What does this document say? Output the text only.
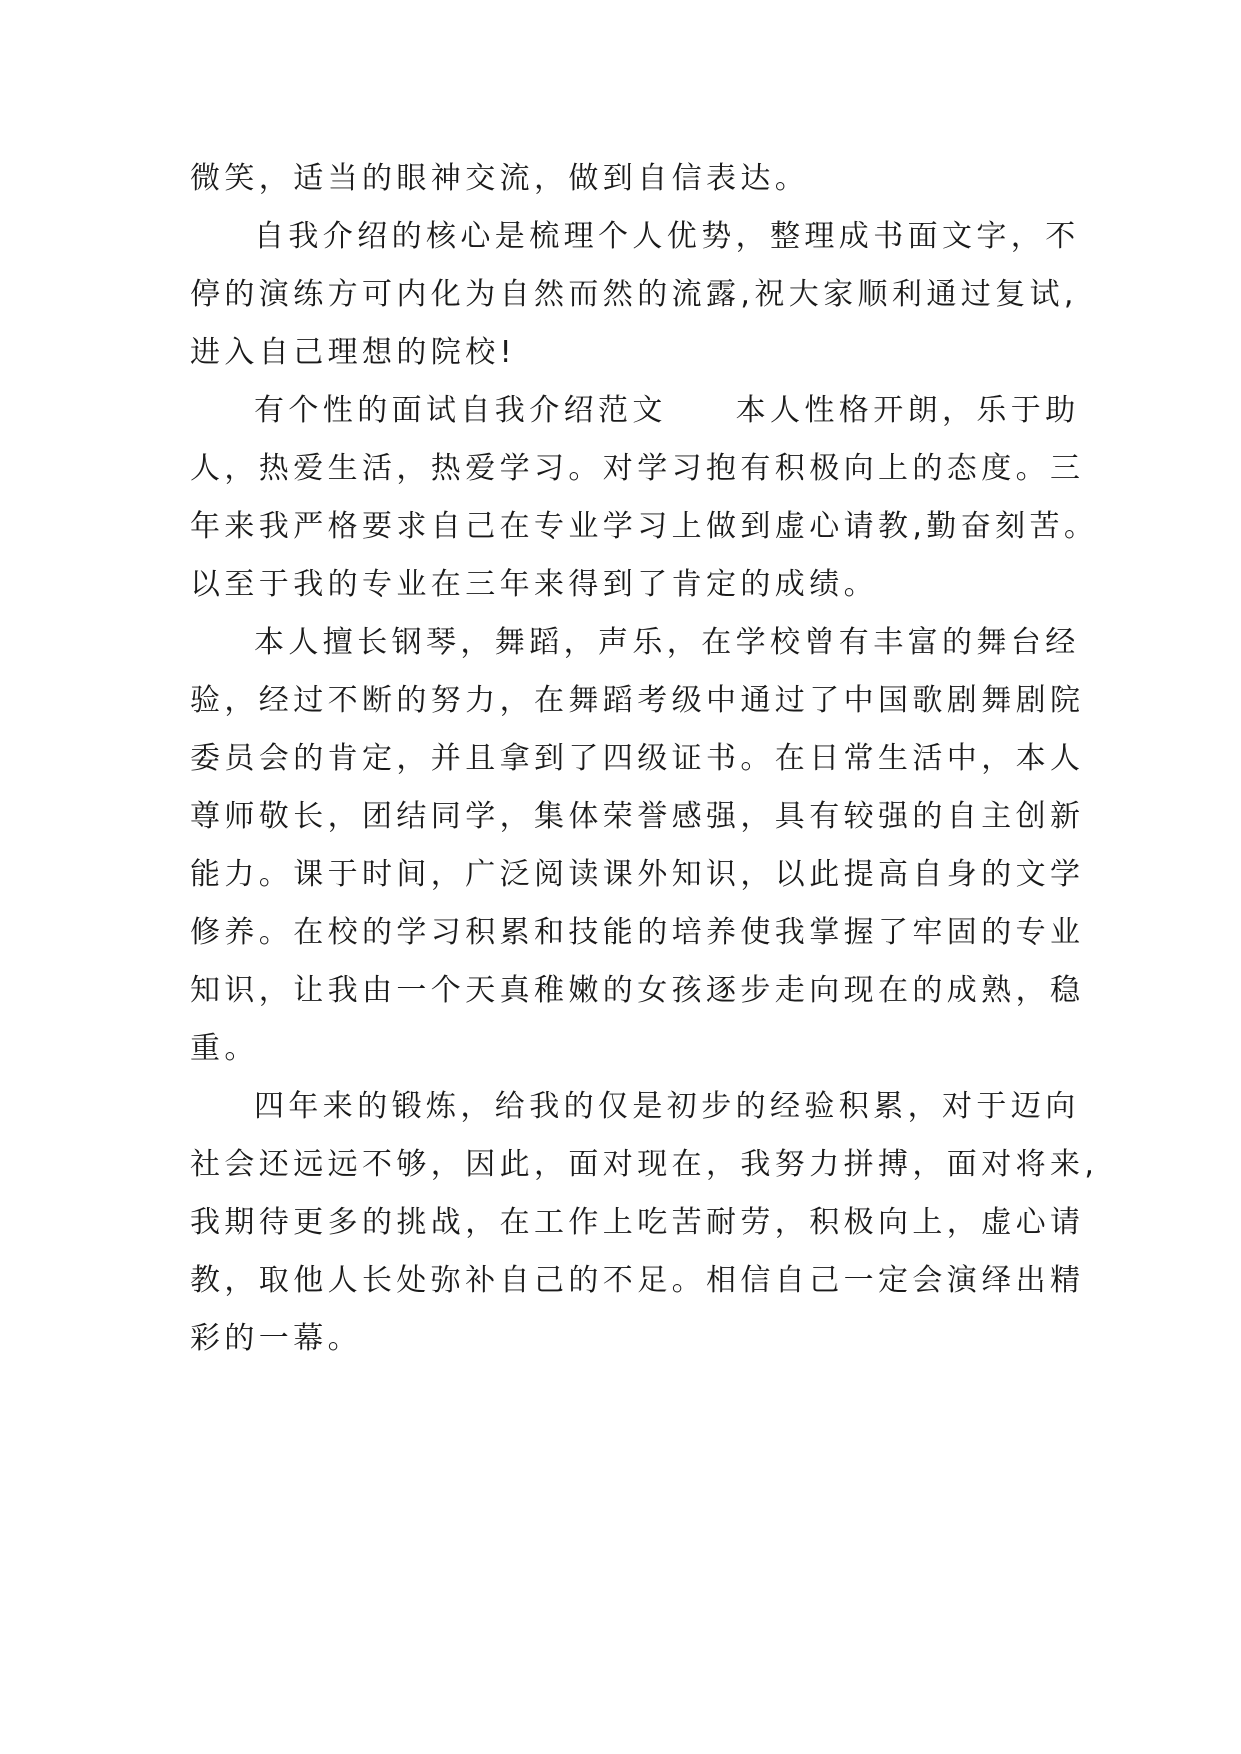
微笑，适当的眼神交流，做到自信表达。
自我介绍的核心是梳理个人优势，整理成书面文字，不
停的演练方可内化为自然而然的流露,祝大家顺利通过复试,
进入自己理想的院校!
有个性的面试自我介绍范文　　本人性格开朗，乐于助
人，热爱生活，热爱学习。对学习抱有积极向上的态度。三
年来我严格要求自己在专业学习上做到虚心请教,勤奋刻苦。
以至于我的专业在三年来得到了肯定的成绩。
本人擅长钢琴，舞蹈，声乐，在学校曾有丰富的舞台经
验，经过不断的努力，在舞蹈考级中通过了中国歌剧舞剧院
委员会的肯定，并且拿到了四级证书。在日常生活中，本人
尊师敬长，团结同学，集体荣誉感强，具有较强的自主创新
能力。课于时间，广泛阅读课外知识，以此提高自身的文学
修养。在校的学习积累和技能的培养使我掌握了牢固的专业
知识，让我由一个天真稚嫩的女孩逐步走向现在的成熟，稳
重。
四年来的锻炼，给我的仅是初步的经验积累，对于迈向
社会还远远不够，因此，面对现在，我努力拼搏，面对将来,
我期待更多的挑战，在工作上吃苦耐劳，积极向上，虚心请
教，取他人长处弥补自己的不足。相信自己一定会演绎出精
彩的一幕。
